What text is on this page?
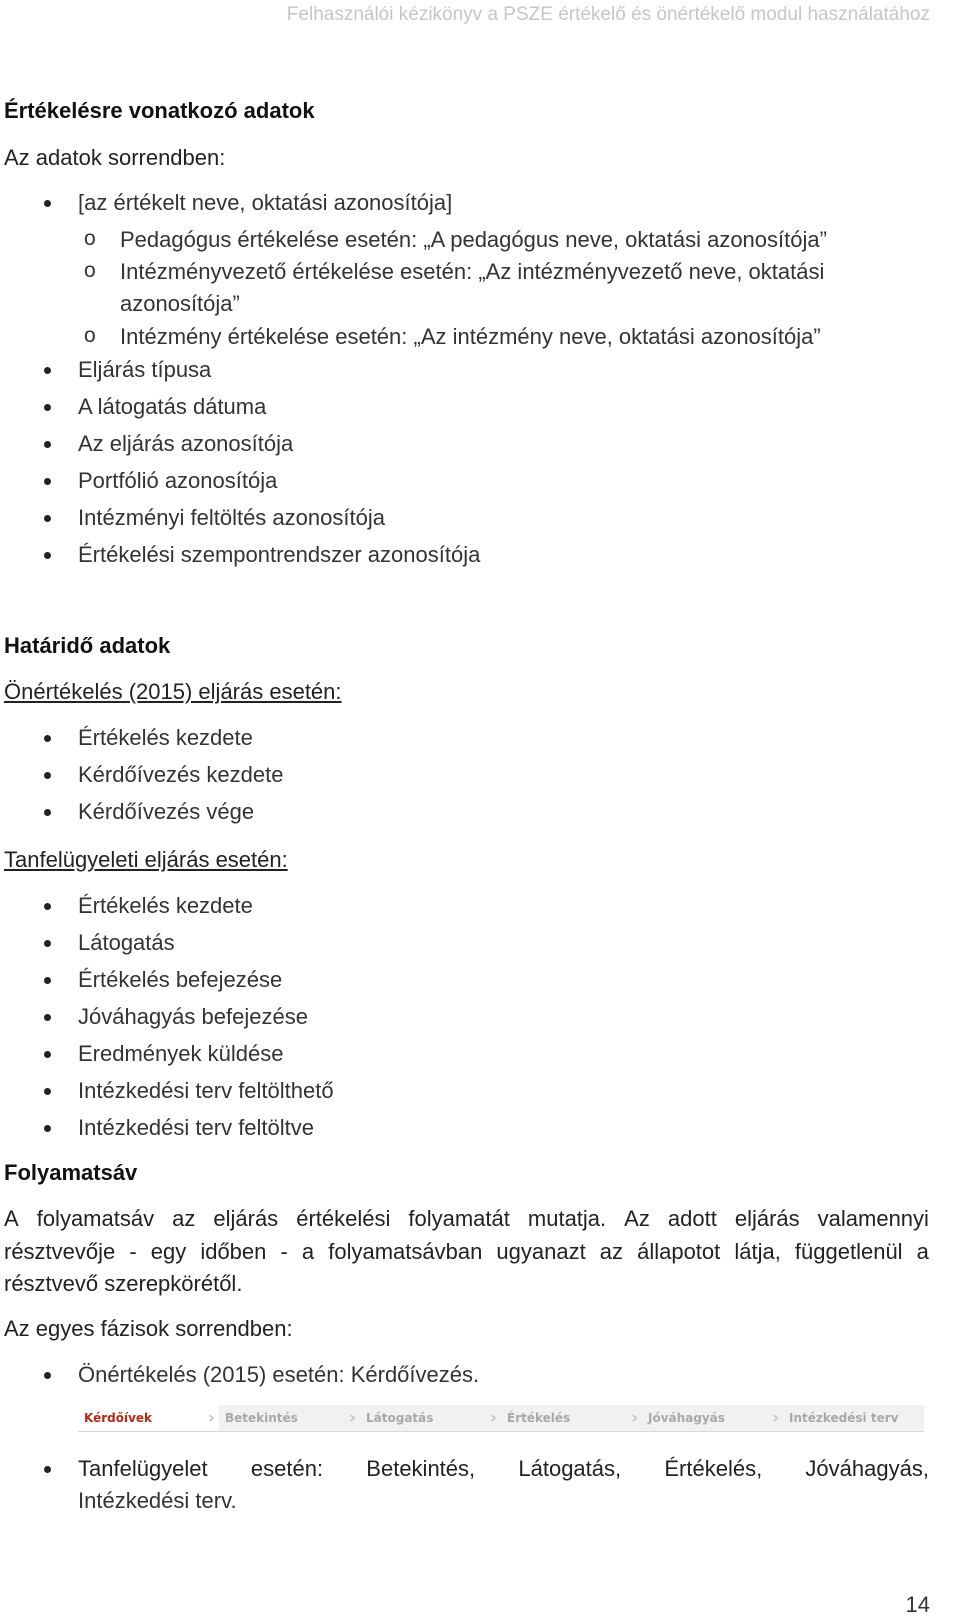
Felhasználói kézikönyv a PSZE értékelő és önértékelő modul használatához
Értékelésre vonatkozó adatok
Az adatok sorrendben:
[az értékelt neve, oktatási azonosítója]
o Pedagógus értékelése esetén: „A pedagógus neve, oktatási azonosítója”
o Intézményvezető értékelése esetén: „Az intézményvezető neve, oktatási
azonosítója”
o Intézmény értékelése esetén: „Az intézmény neve, oktatási azonosítója”
Eljárás típusa
A látogatás dátuma
Az eljárás azonosítója
Portfólió azonosítója
Intézményi feltöltés azonosítója
Értékelési szempontrendszer azonosítója
Határidő adatok
Önértékelés (2015) eljárás esetén:
Értékelés kezdete
Kérdőívezés kezdete
Kérdőívezés vége
Tanfelügyeleti eljárás esetén:
Értékelés kezdete
Látogatás
Értékelés befejezése
Jóváhagyás befejezése
Eredmények küldése
Intézkedési terv feltölthető
Intézkedési terv feltöltve
Folyamatsáv
A folyamatsáv az eljárás értékelési folyamatát mutatja. Az adott eljárás valamennyi
résztvevője - egy időben - a folyamatsávban ugyanazt az állapotot látja, függetlenül a
résztvevő szerepkörétől.
Az egyes fázisok sorrendben:
Önértékelés (2015) esetén: Kérdőívezés.
Kérdőívek	› Betekintés	› Látogatás	› Értékelés	› Jóváhagyás	› Intézkedési terv
Tanfelügyelet esetén: Betekintés, Látogatás, Értékelés, Jóváhagyás,
Intézkedési terv.
14
